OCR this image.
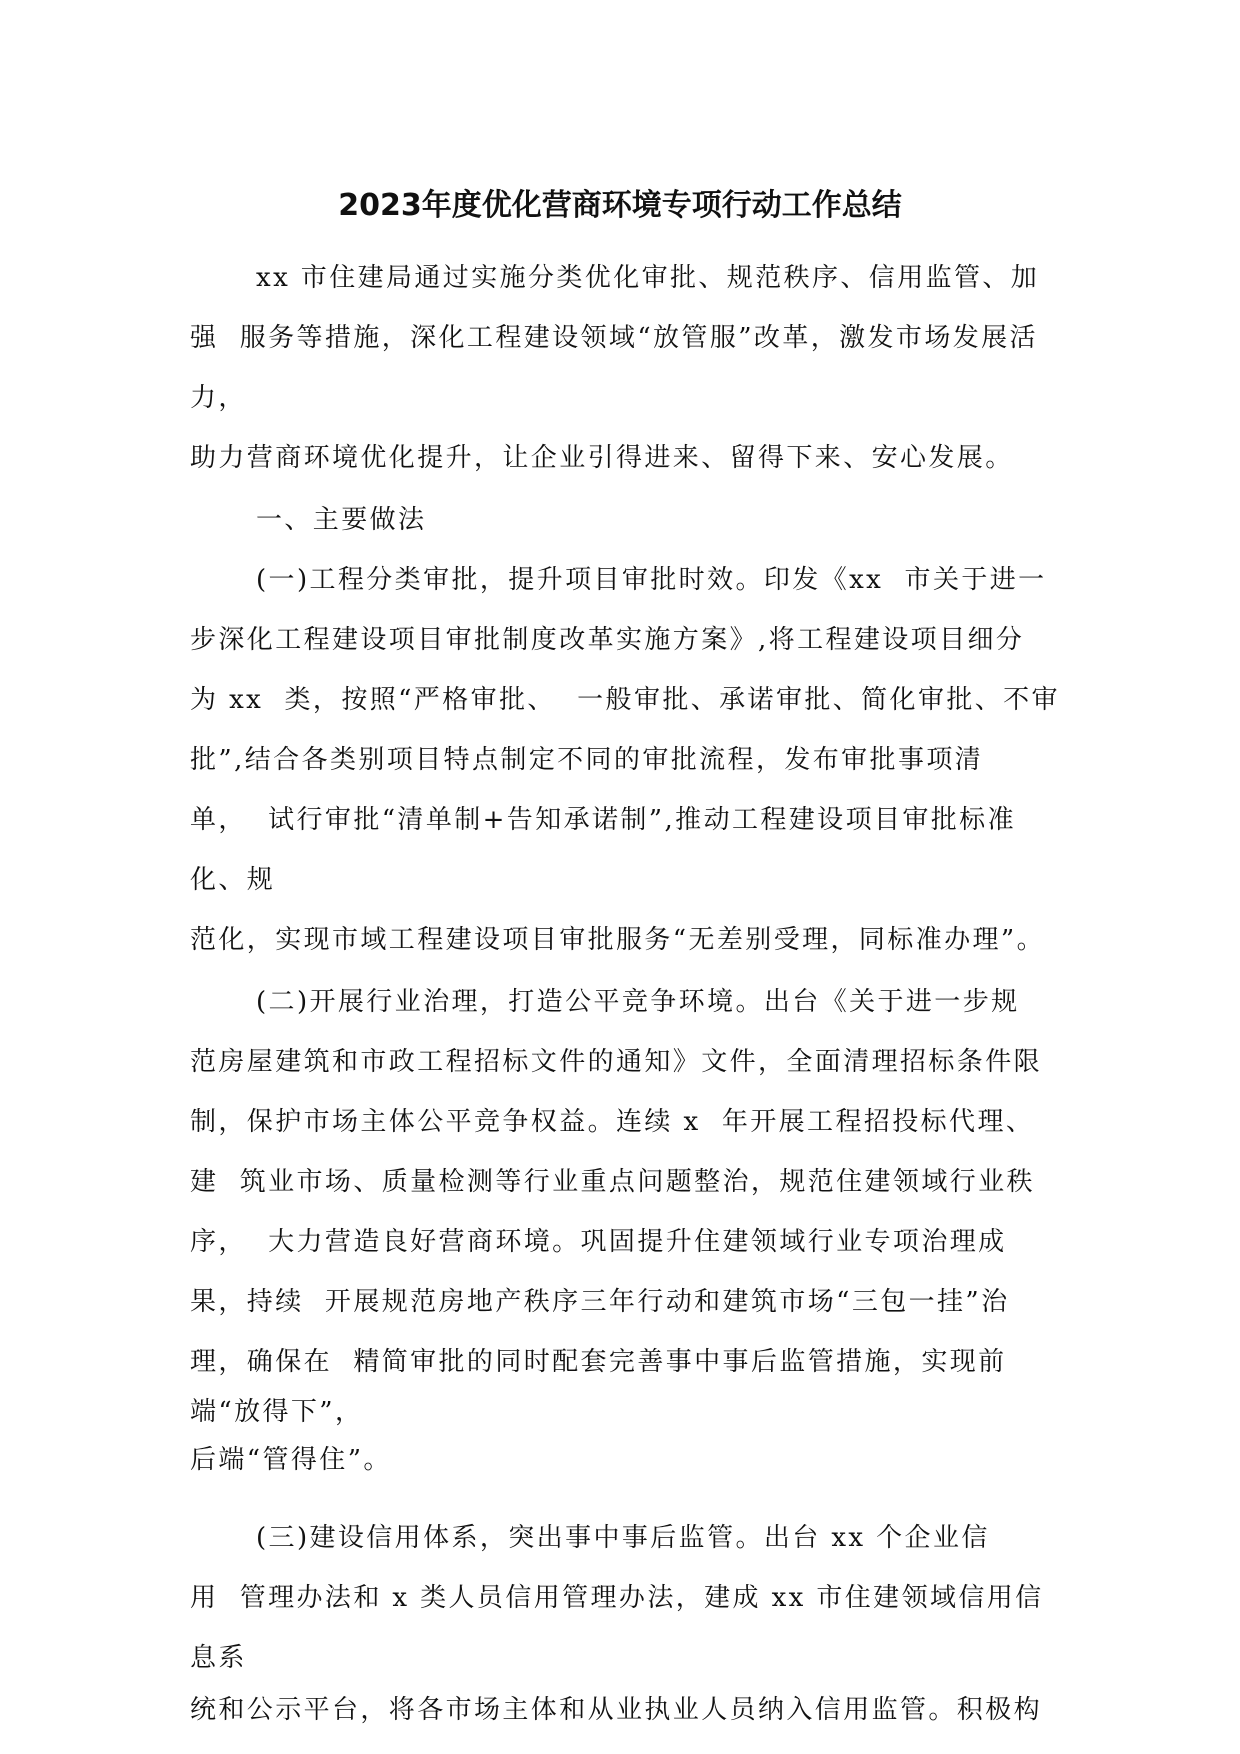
2023年度优化营商环境专项行动工作总结

xx 市住建局通过实施分类优化审批、规范秩序、信用监管、加

强  服务等措施，深化工程建设领域“放管服”改革，激发市场发展活

力，

助力营商环境优化提升，让企业引得进来、留得下来、安心发展。

一、主要做法

(一)工程分类审批，提升项目审批时效。印发《xx  市关于进一

步深化工程建设项目审批制度改革实施方案》,将工程建设项目细分

为 xx  类，按照“严格审批、  一般审批、承诺审批、简化审批、不审

批”,结合各类别项目特点制定不同的审批流程，发布审批事项清

单，  试行审批“清单制+告知承诺制”,推动工程建设项目审批标准

化、规

范化，实现市域工程建设项目审批服务“无差别受理，同标准办理”。

(二)开展行业治理，打造公平竞争环境。出台《关于进一步规

范房屋建筑和市政工程招标文件的通知》文件，全面清理招标条件限

制，保护市场主体公平竞争权益。连续 x  年开展工程招投标代理、

建  筑业市场、质量检测等行业重点问题整治，规范住建领域行业秩

序，  大力营造良好营商环境。巩固提升住建领域行业专项治理成

果，持续  开展规范房地产秩序三年行动和建筑市场“三包一挂”治

理，确保在  精简审批的同时配套完善事中事后监管措施，实现前

端“放得下”，

后端“管得住”。

(三)建设信用体系，突出事中事后监管。出台 xx 个企业信

用  管理办法和 x 类人员信用管理办法，建成 xx 市住建领域信用信

息系

统和公示平台，将各市场主体和从业执业人员纳入信用监管。积极构
